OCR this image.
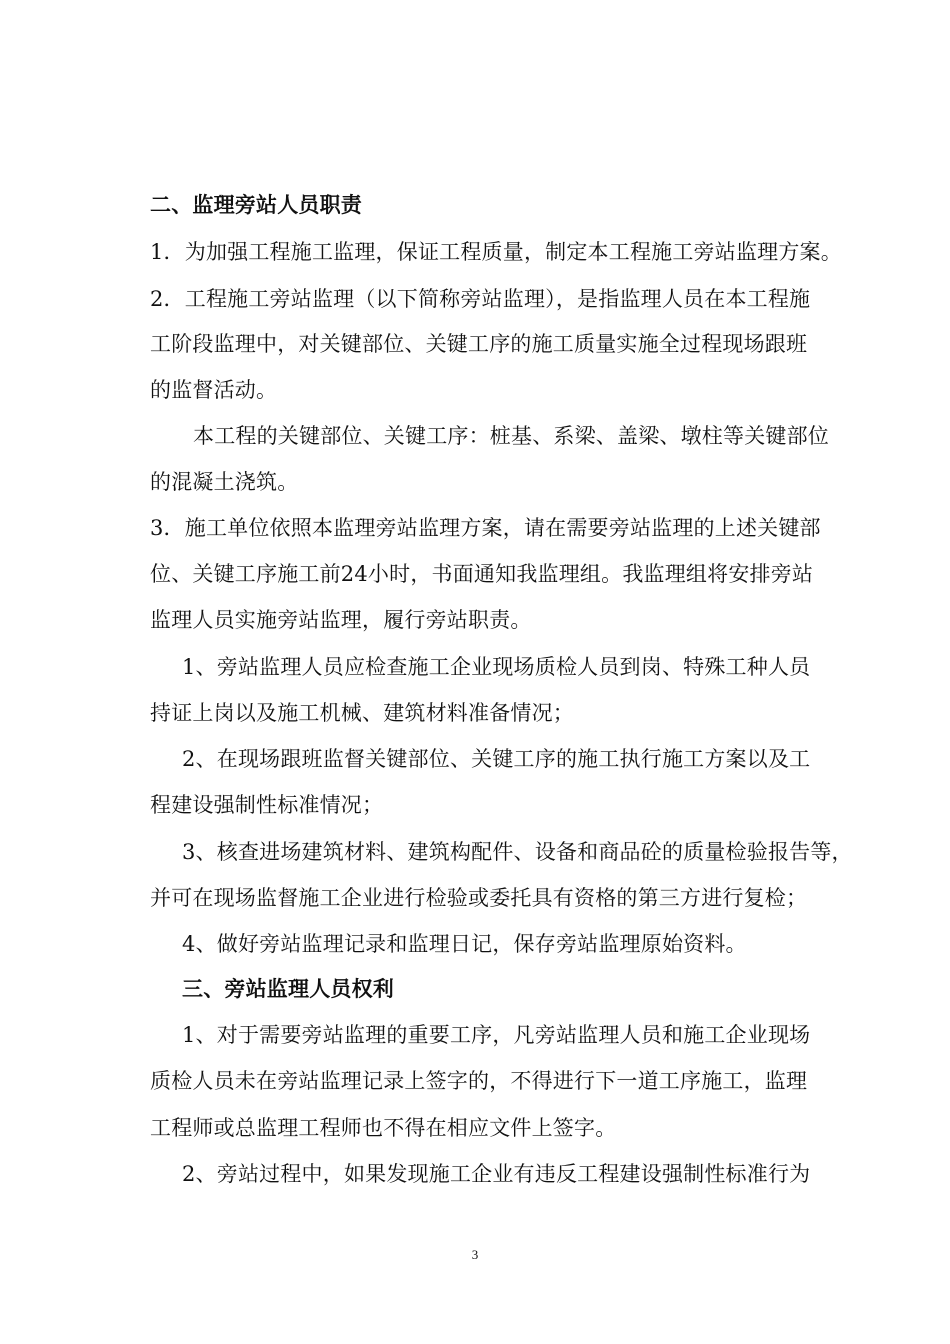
二、监理旁站人员职责
1．为加强工程施工监理，保证工程质量，制定本工程施工旁站监理方案。
2．工程施工旁站监理（以下简称旁站监理），是指监理人员在本工程施
工阶段监理中，对关键部位、关键工序的施工质量实施全过程现场跟班
的监督活动。
本工程的关键部位、关键工序：桩基、系梁、盖梁、墩柱等关键部位
的混凝土浇筑。
3．施工单位依照本监理旁站监理方案，请在需要旁站监理的上述关键部
位、关键工序施工前24小时，书面通知我监理组。我监理组将安排旁站
监理人员实施旁站监理，履行旁站职责。
1、旁站监理人员应检查施工企业现场质检人员到岗、特殊工种人员
持证上岗以及施工机械、建筑材料准备情况；
2、在现场跟班监督关键部位、关键工序的施工执行施工方案以及工
程建设强制性标准情况；
3、核查进场建筑材料、建筑构配件、设备和商品砼的质量检验报告等，
并可在现场监督施工企业进行检验或委托具有资格的第三方进行复检；
4、做好旁站监理记录和监理日记，保存旁站监理原始资料。
三、旁站监理人员权利
1、对于需要旁站监理的重要工序，凡旁站监理人员和施工企业现场
质检人员未在旁站监理记录上签字的，不得进行下一道工序施工，监理
工程师或总监理工程师也不得在相应文件上签字。
2、旁站过程中，如果发现施工企业有违反工程建设强制性标准行为
3
